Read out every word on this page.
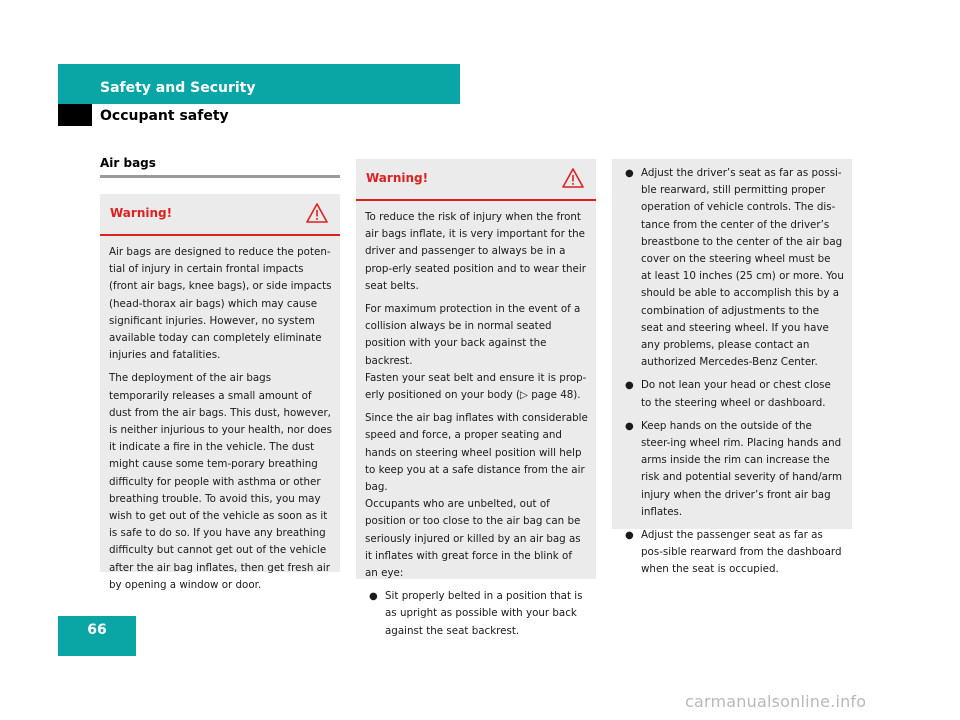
Safety and Security
Occupant safety
Air bags
Warning!

Air bags are designed to reduce the poten-tial of injury in certain frontal impacts (front air bags, knee bags), or side impacts (head-thorax air bags) which may cause significant injuries. However, no system available today can completely eliminate injuries and fatalities.

The deployment of the air bags temporarily releases a small amount of dust from the air bags. This dust, however, is neither injurious to your health, nor does it indicate a fire in the vehicle. The dust might cause some tem-porary breathing difficulty for people with asthma or other breathing trouble. To avoid this, you may wish to get out of the vehicle as soon as it is safe to do so. If you have any breathing difficulty but cannot get out of the vehicle after the air bag inflates, then get fresh air by opening a window or door.

Warning!

To reduce the risk of injury when the front air bags inflate, it is very important for the driver and passenger to always be in a prop-erly seated position and to wear their seat belts.

For maximum protection in the event of a collision always be in normal seated position with your back against the backrest.

Fasten your seat belt and ensure it is prop-erly positioned on your body (▷ page 48).

Since the air bag inflates with considerable speed and force, a proper seating and hands on steering wheel position will help to keep you at a safe distance from the air bag.

Occupants who are unbelted, out of position or too close to the air bag can be seriously injured or killed by an air bag as it inflates with great force in the blink of an eye:

● Sit properly belted in a position that is as upright as possible with your back against the seat backrest.
● Adjust the driver’s seat as far as possi-ble rearward, still permitting proper operation of vehicle controls. The dis-tance from the center of the driver’s breastbone to the center of the air bag cover on the steering wheel must be at least 10 inches (25 cm) or more. You should be able to accomplish this by a combination of adjustments to the seat and steering wheel. If you have any problems, please contact an authorized Mercedes-Benz Center.
● Do not lean your head or chest close to the steering wheel or dashboard.
● Keep hands on the outside of the steer-ing wheel rim. Placing hands and arms inside the rim can increase the risk and potential severity of hand/arm injury when the driver’s front air bag inflates.
● Adjust the passenger seat as far as pos-sible rearward from the dashboard when the seat is occupied.
66
carmanualsonline.info
